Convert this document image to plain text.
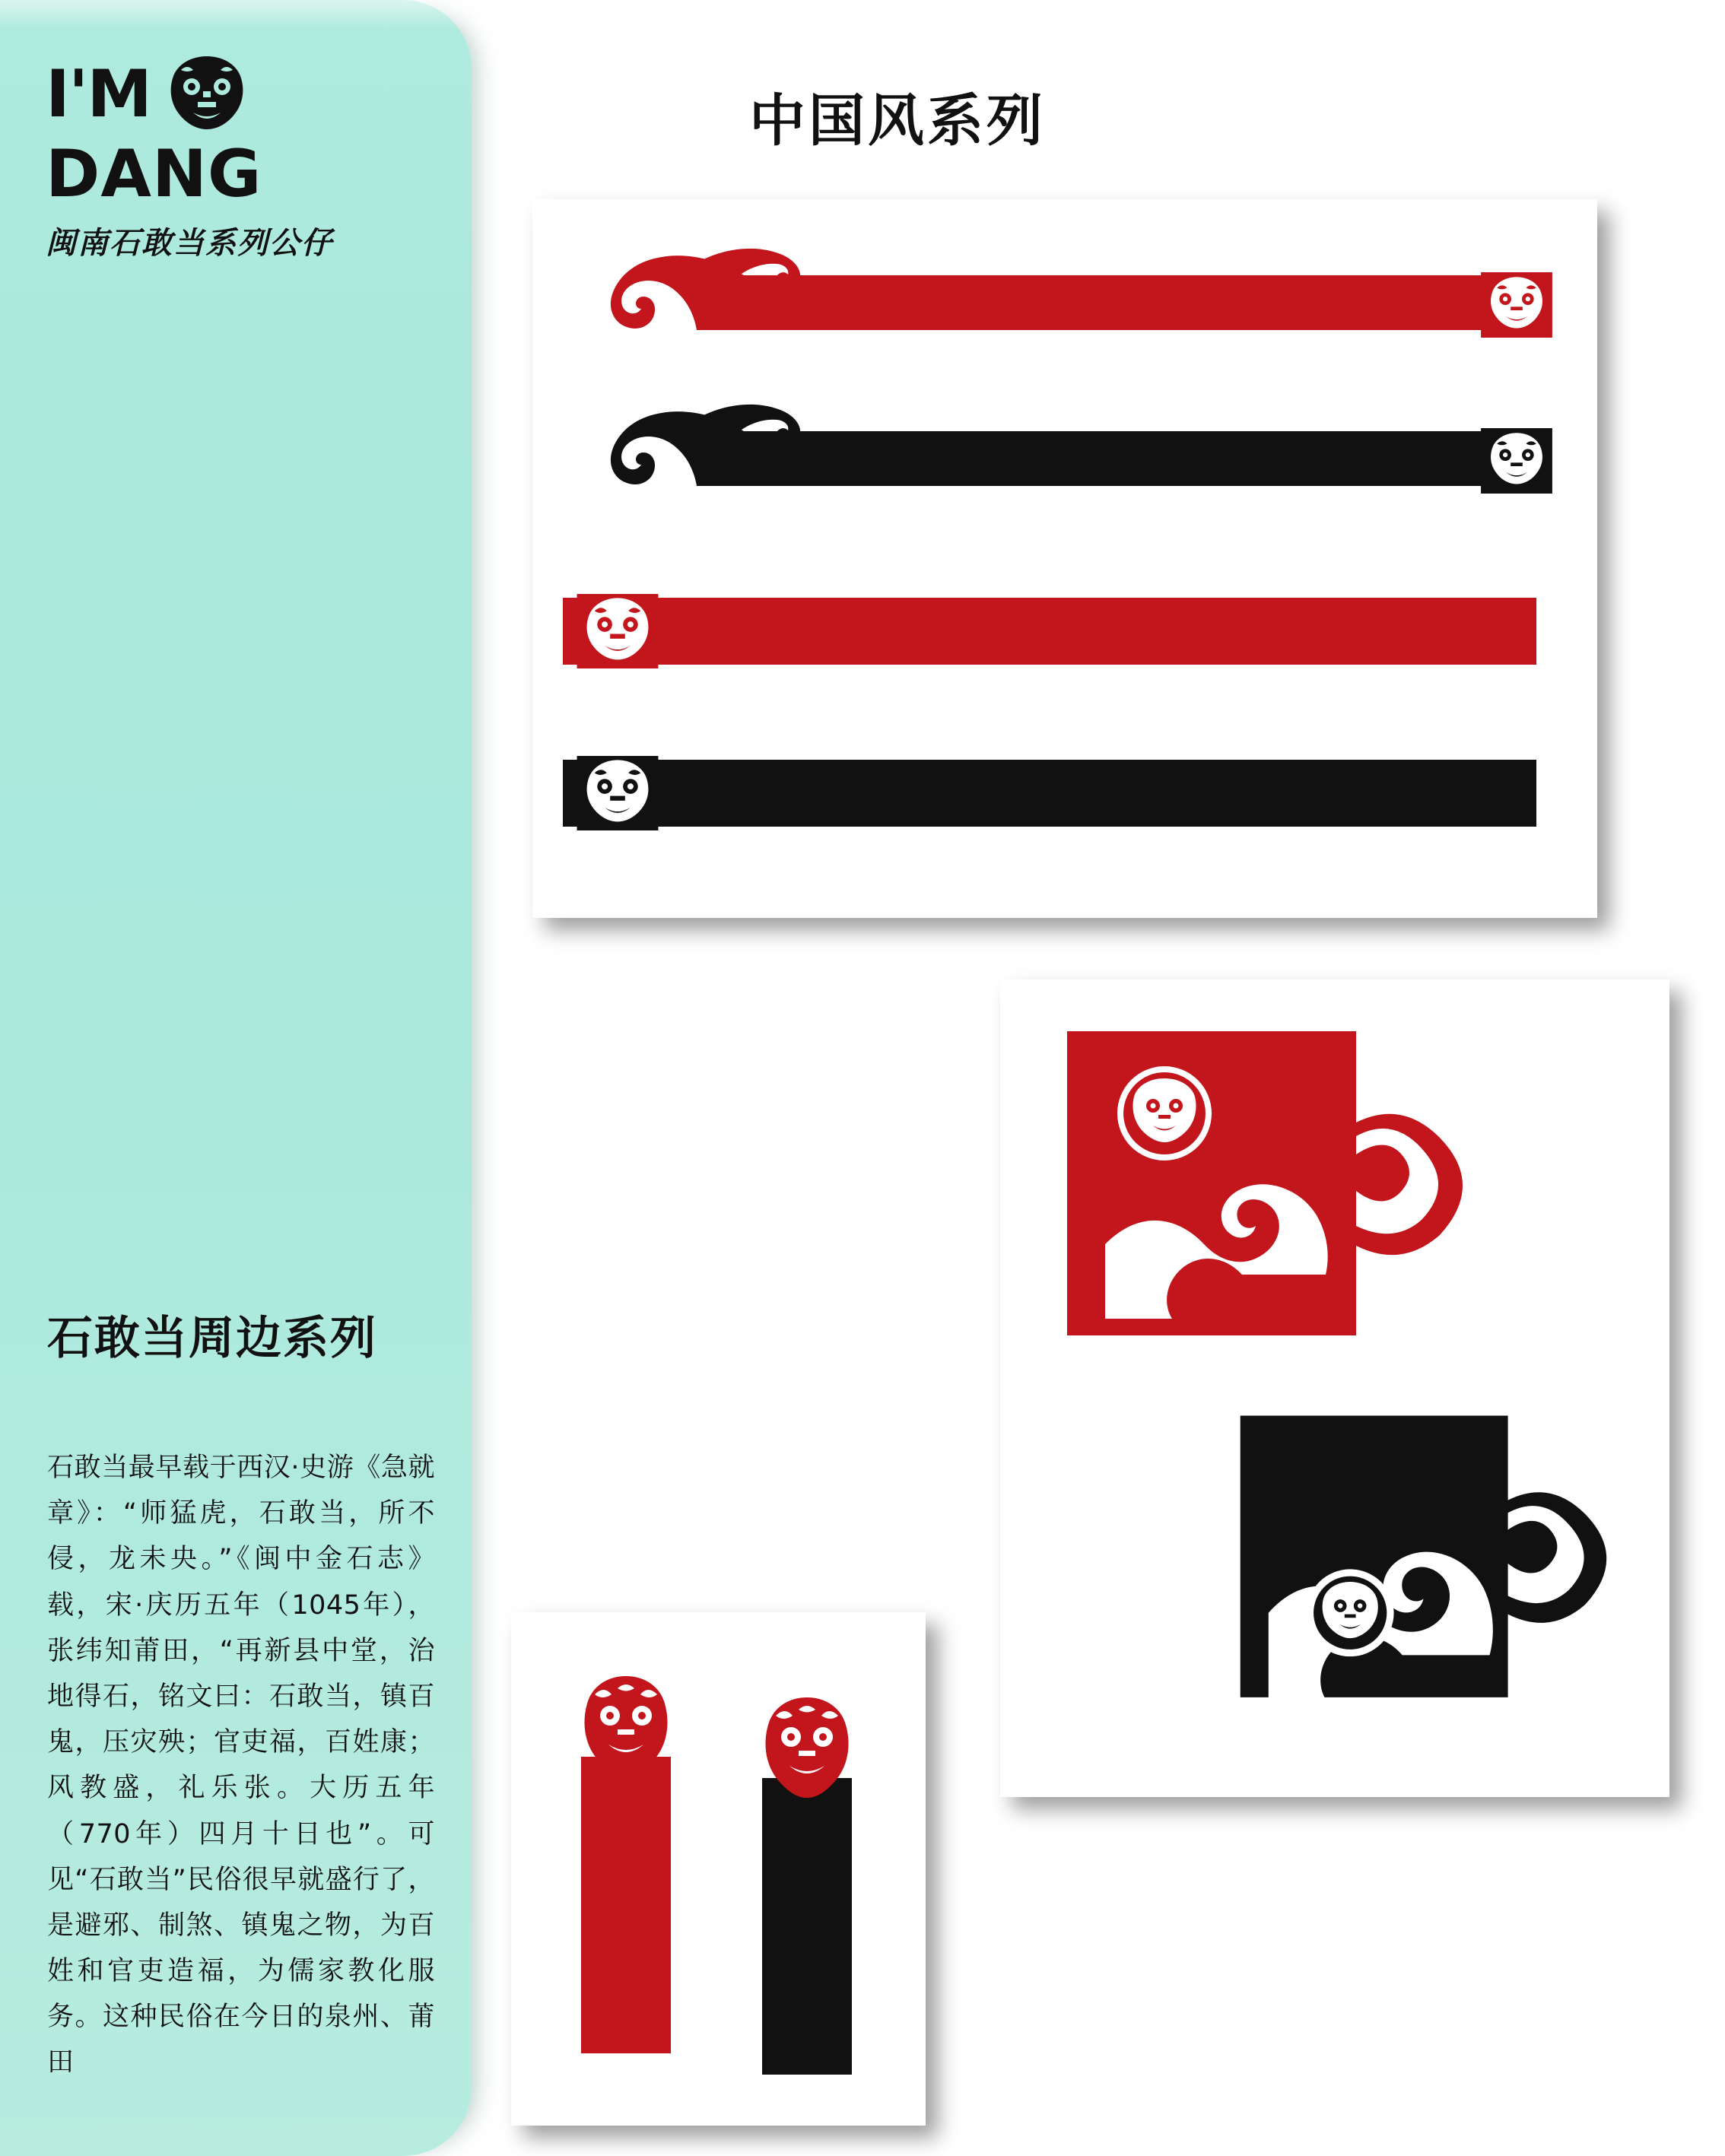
I'M
DANG
闽南石敢当系列公仔
石敢当周边系列
石敢当最早载于西汉·史游《急就章》：“师猛虎，石敢当，所不侵，龙未央。”《闽中金石志》载，宋·庆历五年（1045年），张纬知莆田，“再新县中堂，治地得石，铭文曰：石敢当，镇百鬼，压灾殃；官吏福，百姓康；风教盛，礼乐张。大历五年（770年）四月十日也”。可见“石敢当”民俗很早就盛行了，是避邪、制煞、镇鬼之物，为百姓和官吏造福，为儒家教化服务。这种民俗在今日的泉州、莆田
中国风系列
